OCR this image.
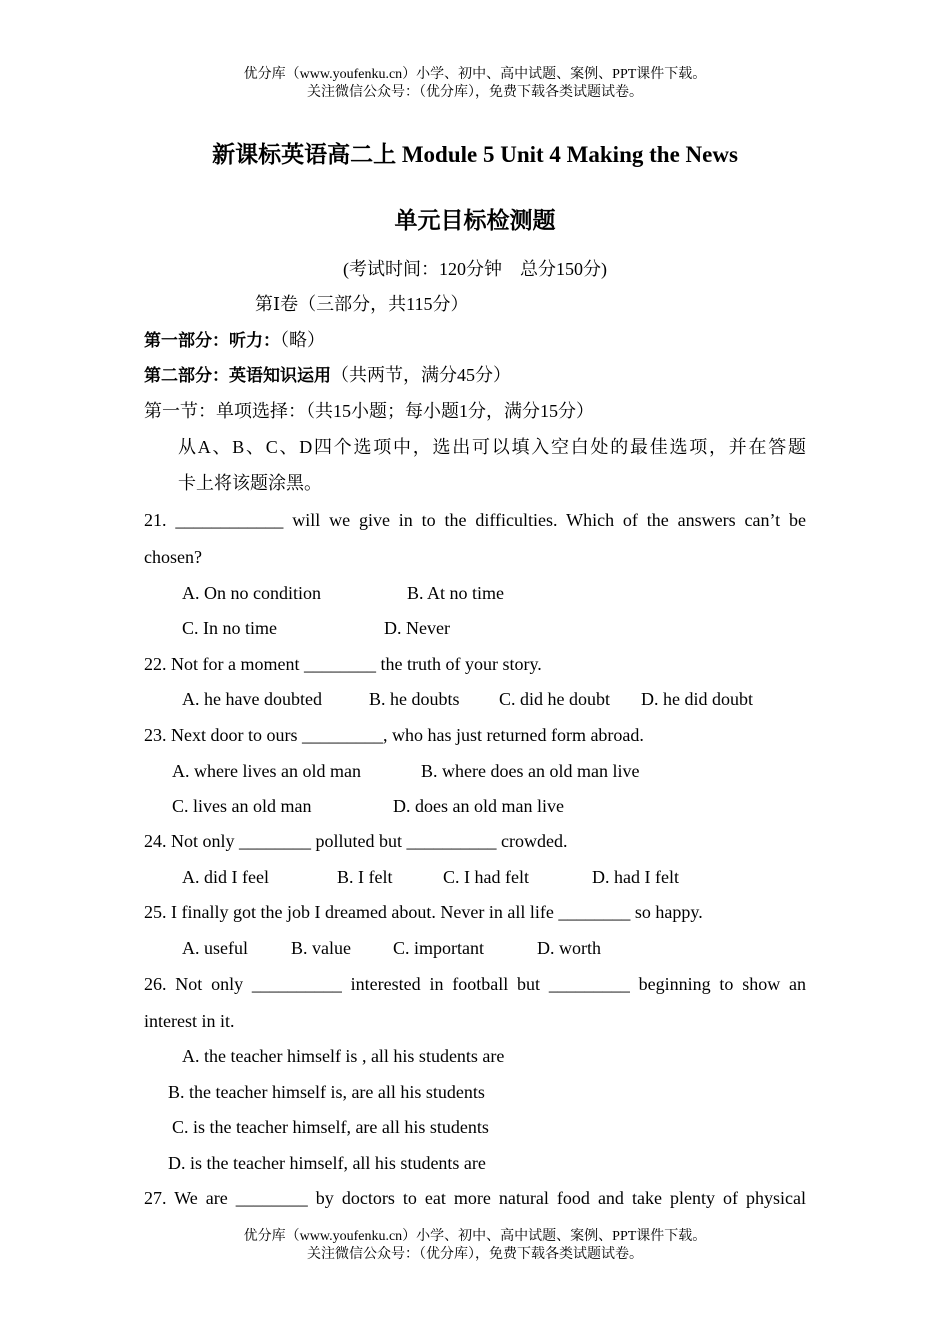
优分库（www.youfenku.cn）小学、初中、高中试题、案例、PPT课件下载。
关注微信公众号：（优分库），免费下载各类试题试卷。
新课标英语高二上 Module 5 Unit 4 Making the News
单元目标检测题
(考试时间：120分钟　总分150分)
第Ⅰ卷（三部分，共115分）
第一部分：听力：（略）
第二部分：英语知识运用（共两节，满分45分）
第一节：单项选择：（共15小题；每小题1分，满分15分）
从A、B、C、D四个选项中，选出可以填入空白处的最佳选项，并在答题
卡上将该题涂黑。
21. ____________ will we give in to the difficulties. Which of the answers can’t be
chosen?
A. On no condition	B. At no time
C. In no time	D. Never
22. Not for a moment ________ the truth of your story.
A. he have doubted	B. he doubts C. did he doubt D. he did doubt
23. Next door to ours _________, who has just returned form abroad.
A. where lives an old man	B. where does an old man live
C. lives an old man	D. does an old man live
24. Not only ________ polluted but __________ crowded.
A. did I feel	B. I felt	C. I had felt	D. had I felt
25. I finally got the job I dreamed about. Never in all life ________ so happy.
A. useful B. value C. important	D. worth
26. Not only __________ interested in football but _________ beginning to show an
interest in it.
A. the teacher himself is , all his students are
B. the teacher himself is, are all his students
C. is the teacher himself, are all his students
D. is the teacher himself, all his students are
27. We are ________ by doctors to eat more natural food and take plenty of physical
优分库（www.youfenku.cn）小学、初中、高中试题、案例、PPT课件下载。
关注微信公众号：（优分库），免费下载各类试题试卷。
